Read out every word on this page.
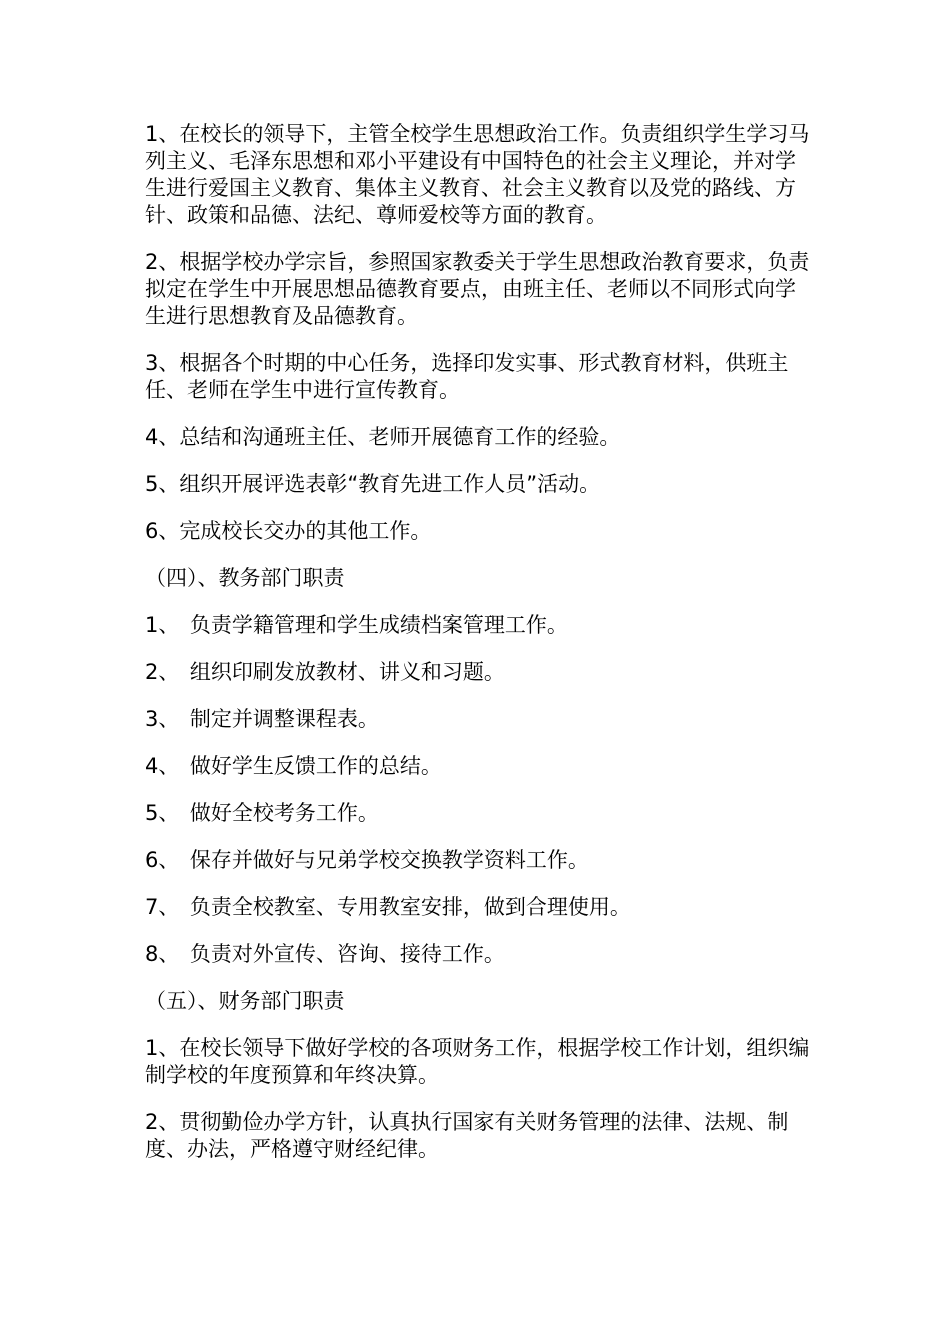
1、在校长的领导下，主管全校学生思想政治工作。负责组织学生学习马列主义、毛泽东思想和邓小平建设有中国特色的社会主义理论，并对学生进行爱国主义教育、集体主义教育、社会主义教育以及党的路线、方针、政策和品德、法纪、尊师爱校等方面的教育。

2、根据学校办学宗旨，参照国家教委关于学生思想政治教育要求，负责拟定在学生中开展思想品德教育要点，由班主任、老师以不同形式向学生进行思想教育及品德教育。

3、根据各个时期的中心任务，选择印发实事、形式教育材料，供班主任、老师在学生中进行宣传教育。

4、总结和沟通班主任、老师开展德育工作的经验。

5、组织开展评选表彰“教育先进工作人员”活动。

6、完成校长交办的其他工作。

（四）、教务部门职责

1、　负责学籍管理和学生成绩档案管理工作。

2、　组织印刷发放教材、讲义和习题。

3、　制定并调整课程表。

4、　做好学生反馈工作的总结。

5、　做好全校考务工作。

6、　保存并做好与兄弟学校交换教学资料工作。

7、　负责全校教室、专用教室安排，做到合理使用。

8、　负责对外宣传、咨询、接待工作。

（五）、财务部门职责

1、在校长领导下做好学校的各项财务工作，根据学校工作计划，组织编制学校的年度预算和年终决算。

2、贯彻勤俭办学方针，认真执行国家有关财务管理的法律、法规、制度、办法，严格遵守财经纪律。
